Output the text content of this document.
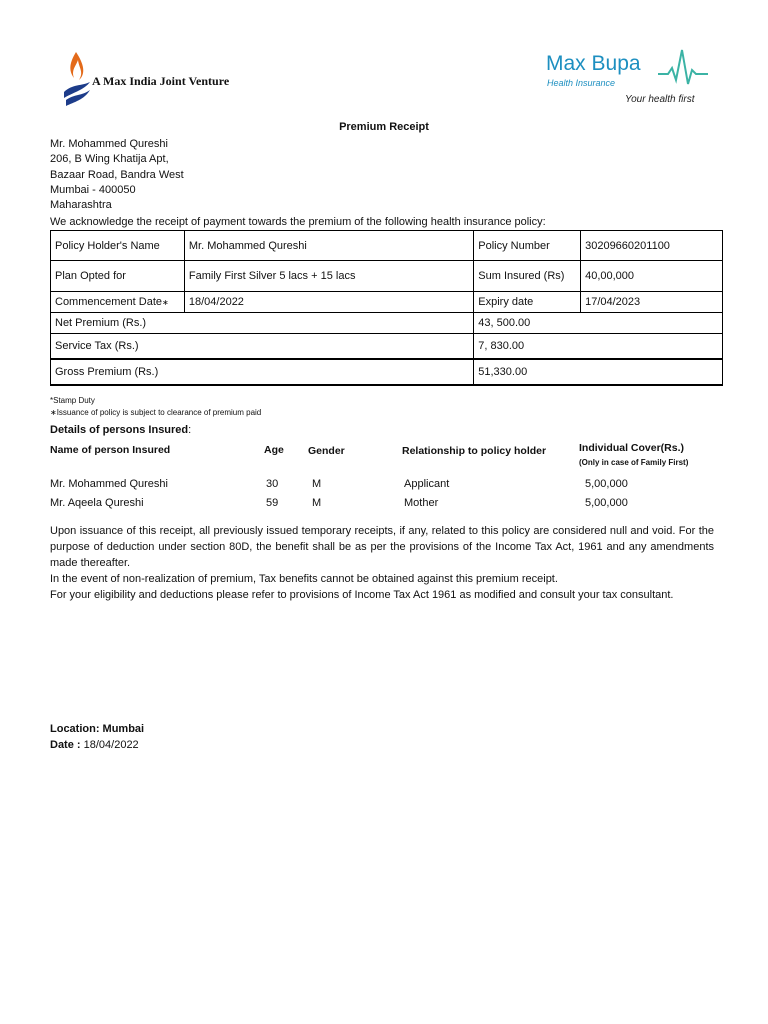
A Max India Joint Venture
Max Bupa
Health Insurance
Your health first
Premium Receipt
Mr. Mohammed Qureshi
206, B Wing Khatija Apt,
Bazaar Road, Bandra West
Mumbai - 400050
Maharashtra
We acknowledge the receipt of payment towards the premium of the following health insurance policy:
Policy Holder's Name	Mr. Mohammed Qureshi	Policy Number	30209660201100
Plan Opted for	Family First Silver 5 lacs + 15 lacs	Sum Insured (Rs)	40,00,000
Commencement Date∗	18/04/2022	Expiry date	17/04/2023
Net Premium (Rs.)		43, 500.00	
Service Tax (Rs.)		7, 830.00	
Gross Premium (Rs.)		51,330.00	
*Stamp Duty
∗Issuance of policy is subject to clearance of premium paid
Details of persons Insured:
Name of person Insured	Age Gender	Relationship to policy holder	Individual Cover(Rs.)
(Only in case of Family First)
Mr. Mohammed Qureshi	30	M	Applicant	5,00,000
Mr. Aqeela Qureshi	59	M	Mother	5,00,000

Upon issuance of this receipt, all previously issued temporary receipts, if any, related to this policy are considered null and void. For the purpose of deduction under section 80D, the benefit shall be as per the provisions of the Income Tax Act, 1961 and any amendments made thereafter.

In the event of non-realization of premium, Tax benefits cannot be obtained against this premium receipt.

For your eligibility and deductions please refer to provisions of Income Tax Act 1961 as modified and consult your tax consultant.

Location: Mumbai
Date : 18/04/2022
